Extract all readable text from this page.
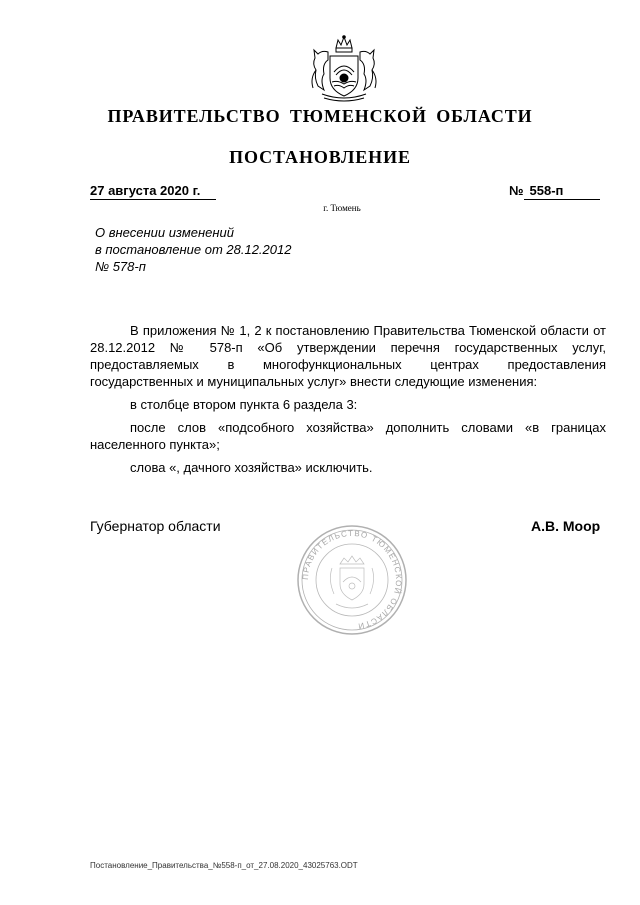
ПРАВИТЕЛЬСТВО ТЮМЕНСКОЙ ОБЛАСТИ
ПОСТАНОВЛЕНИЕ
27 августа 2020 г.	№ 558-п
г. Тюмень
О внесении изменений
в постановление от 28.12.2012
№ 578-п

В приложения № 1, 2 к постановлению Правительства Тюменской области от 28.12.2012 № 578-п «Об утверждении перечня государственных услуг, предоставляемых в многофункциональных центрах предоставления государственных и муниципальных услуг» внести следующие изменения:

в столбце втором пункта 6 раздела 3:

после слов «подсобного хозяйства» дополнить словами «в границах населенного пункта»;

слова «, дачного хозяйства» исключить.

ПРАВИТЕЛЬСТВО ТЮМЕНСКОЙ ОБЛАСТИ
Губернатор области	А.В. Моор
Постановление_Правительства_№558-п_от_27.08.2020_43025763.ODT
